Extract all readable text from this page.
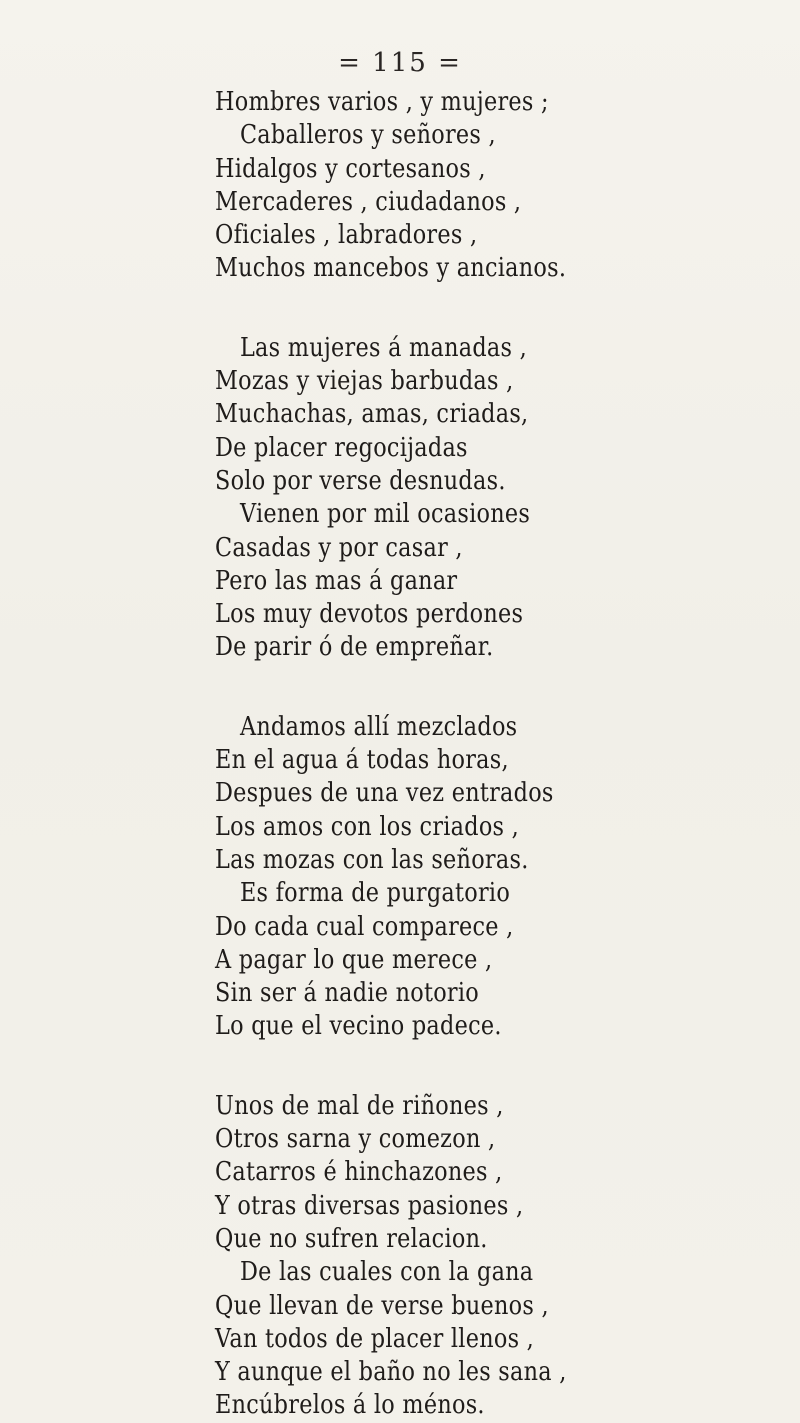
= 115 =
Hombres varios , y mujeres ;
Caballeros y señores ,
Hidalgos y cortesanos ,
Mercaderes , ciudadanos ,
Oficiales , labradores ,
Muchos mancebos y ancianos.
Las mujeres á manadas ,
Mozas y viejas barbudas ,
Muchachas, amas, criadas,
De placer regocijadas
Solo por verse desnudas.
Vienen por mil ocasiones
Casadas y por casar ,
Pero las mas á ganar
Los muy devotos perdones
De parir ó de empreñar.
Andamos allí mezclados
En el agua á todas horas,
Despues de una vez entrados
Los amos con los criados ,
Las mozas con las señoras.
Es forma de purgatorio
Do cada cual comparece ,
A pagar lo que merece ,
Sin ser á nadie notorio
Lo que el vecino padece.
Unos de mal de riñones ,
Otros sarna y comezon ,
Catarros é hinchazones ,
Y otras diversas pasiones ,
Que no sufren relacion.
De las cuales con la gana
Que llevan de verse buenos ,
Van todos de placer llenos ,
Y aunque el baño no les sana ,
Encúbrelos á lo ménos.
